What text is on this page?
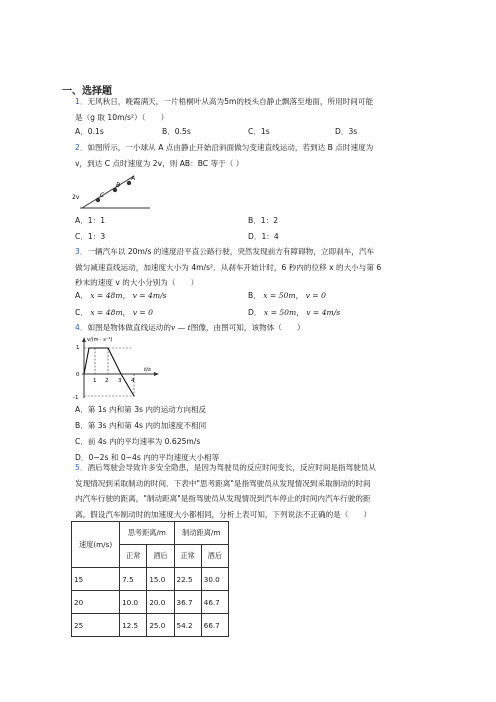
一、选择题
1．无风秋日，晚霞满天，一片梧桐叶从高为5m的枝头自静止飘落至地面，所用时间可能
是（g 取 10m/s²）（　　）
A．0.1s	B．0.5s	C．1s	D．3s
2．如图所示，一小球从 A 点由静止开始沿斜面做匀变速直线运动，若到达 B 点时速度为
v，到达 C 点时速度为 2v，则 AB：BC 等于（ ）
A
B
C
2v
A．1：1	B．1：2
C．1：3	D．1：4
3．一辆汽车以 20m/s 的速度沿平直公路行驶，突然发现前方有障碍物，立即刹车，汽车
做匀减速直线运动，加速度大小为 4m/s²．从刹车开始计时，6 秒内的位移 x 的大小与第 6
秒末的速度 v 的大小分别为（　　）
A． x = 48m， v = 4m/s	B． x = 50m， v = 0
C． x = 48m， v = 0	D． x = 50m， v = 4m/s
4．如图是物体做直线运动的v — t图像，由图可知，该物体（　　）
v/(m · s⁻¹)
t/s
1
0
-1
1 2 3 4
A．第 1s 内和第 3s 内的运动方向相反
B．第 3s 内和第 4s 内的加速度不相同
C．前 4s 内的平均速率为 0.625m/s
D．0~2s 和 0~4s 内的平均速度大小相等
5．酒后驾驶会导致许多安全隐患，是因为驾驶员的反应时间变长，反应时间是指驾驶员从
发现情况到采取制动的时间．下表中"思考距离"是指驾驶员从发现情况到采取制动的时间
内汽车行驶的距离，"制动距离"是指驾驶员从发现情况到汽车停止的时间内汽车行驶的距
离，假设汽车制动时的加速度大小都相同，分析上表可知，下列说法不正确的是（　　）
速度(m/s)	思考距离/m		制动距离/m	
	正常	酒后	正常	酒后
15	7.5	15.0	22.5	30.0
20	10.0	20.0	36.7	46.7
25	12.5	25.0	54.2	66.7
